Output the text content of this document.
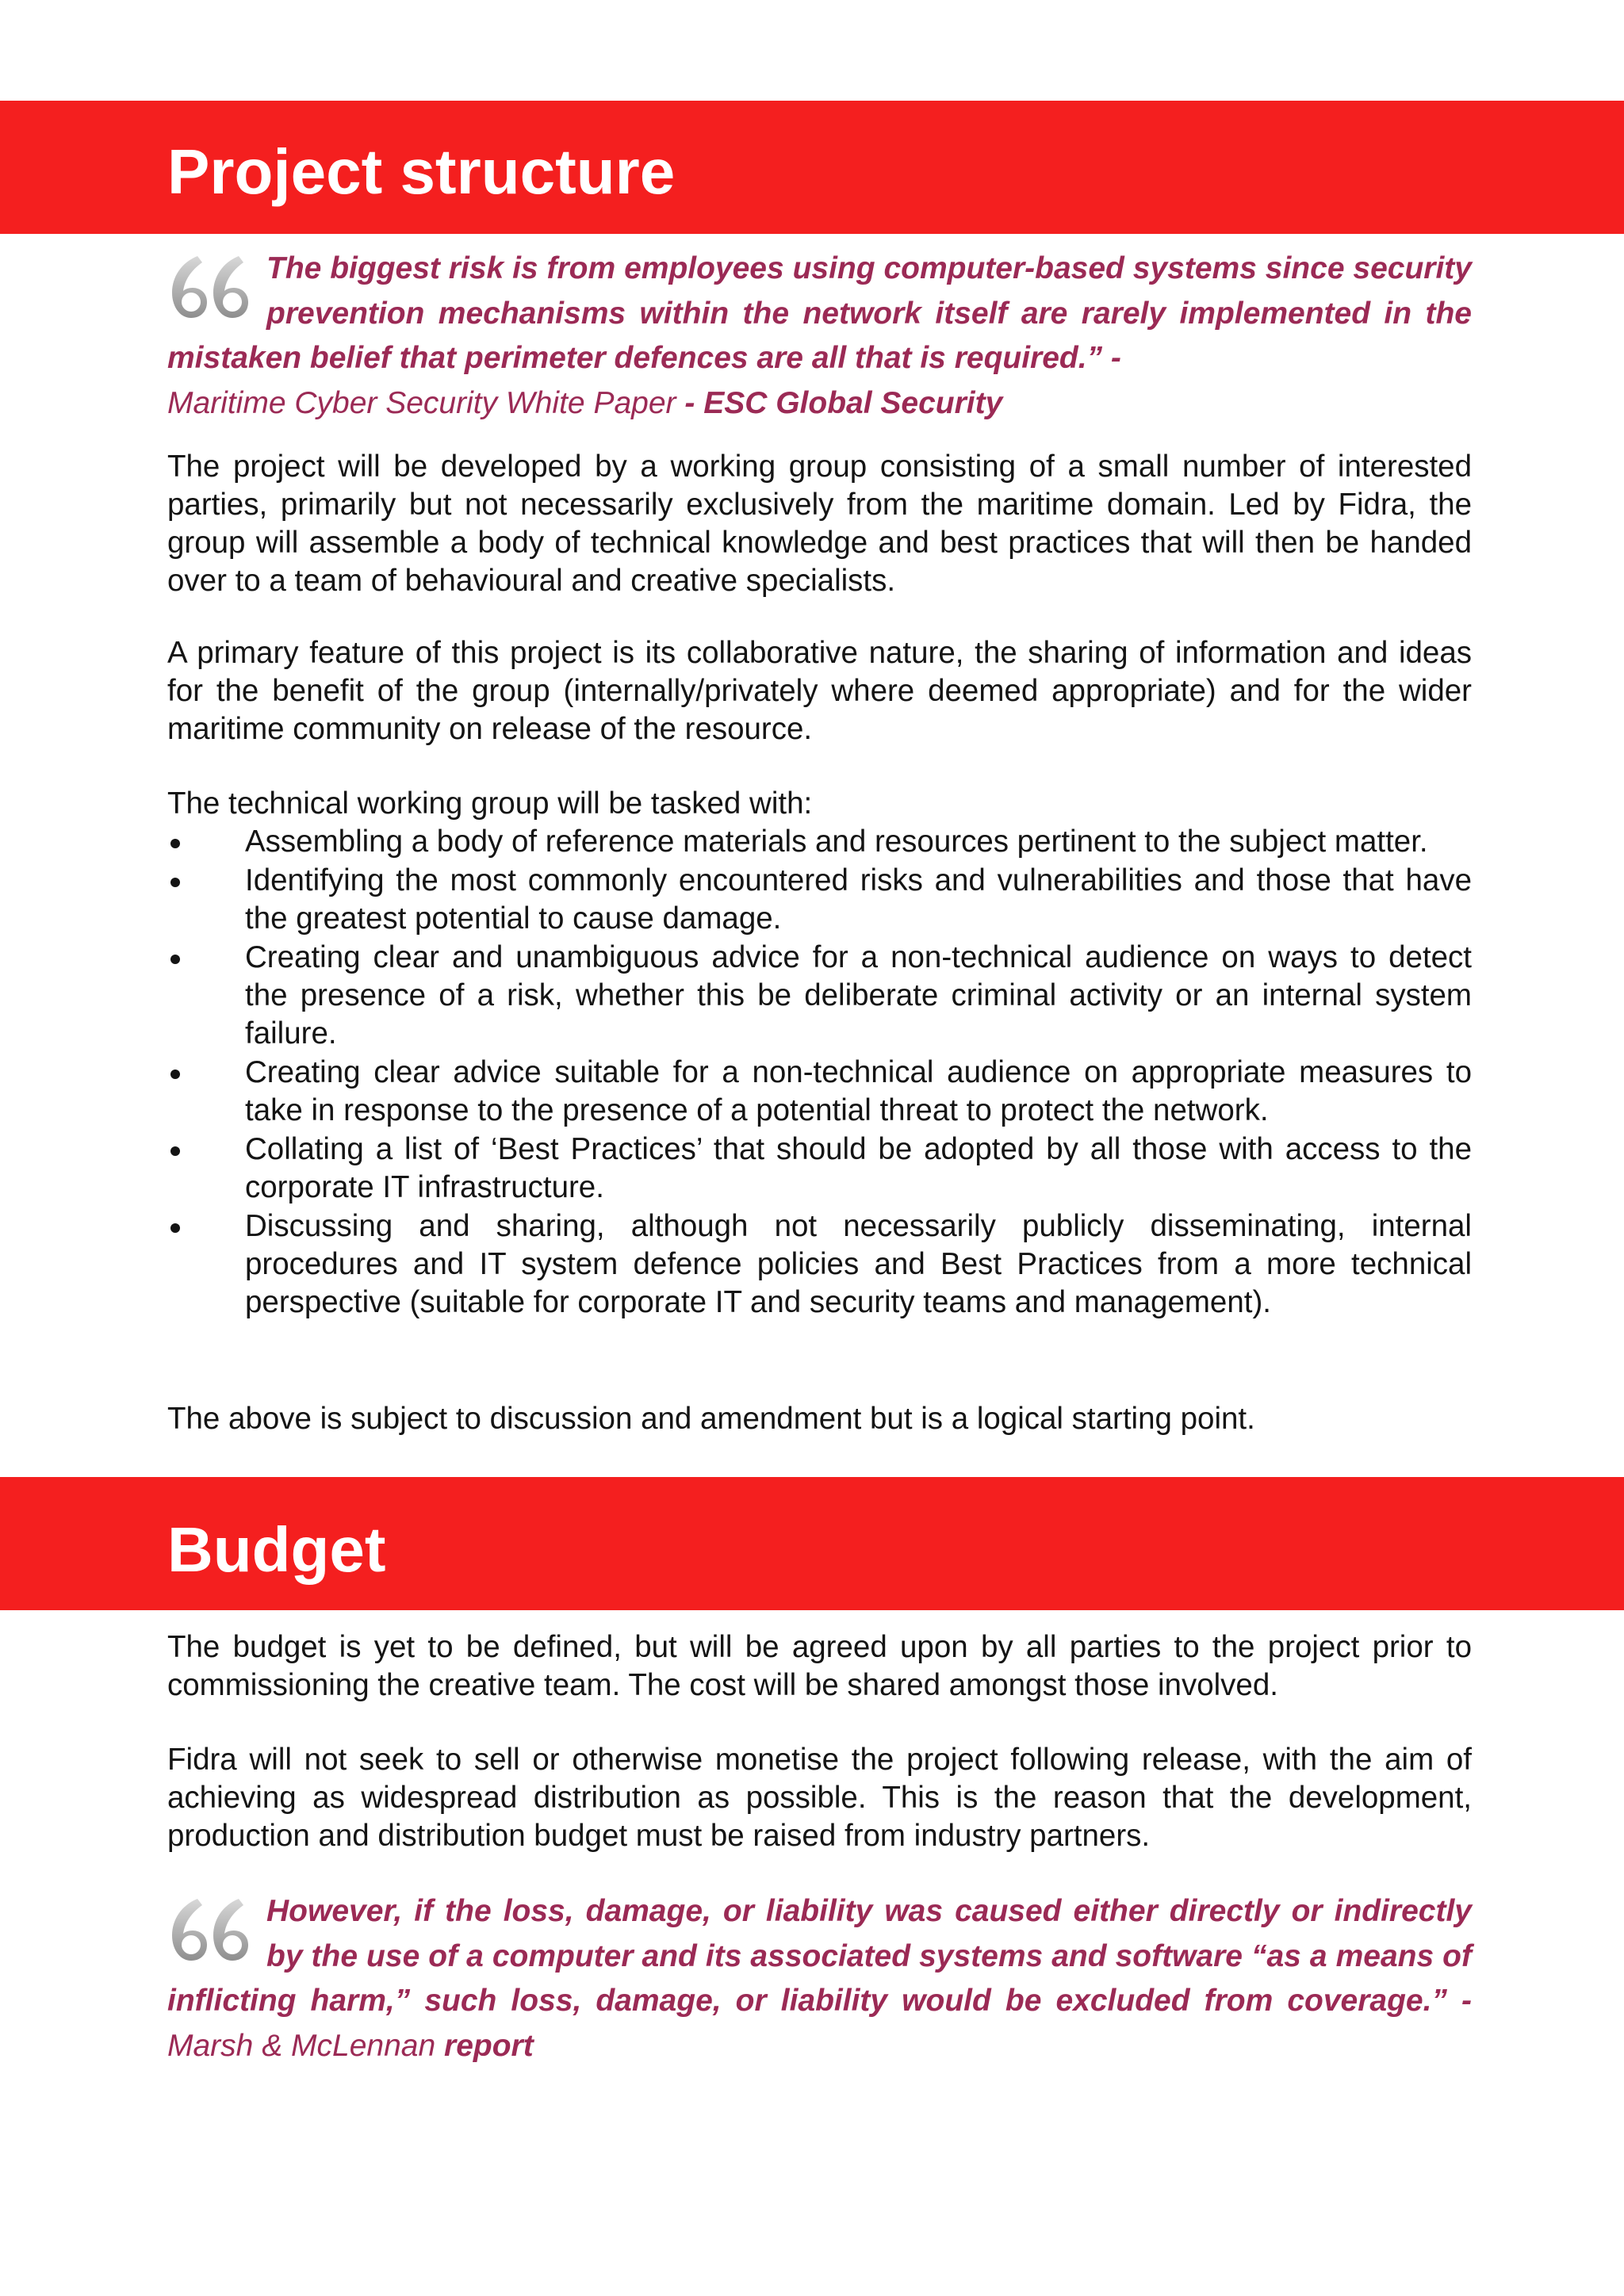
Project structure
The biggest risk is from employees using computer-based systems since security prevention mechanisms within the network itself are rarely implemented in the mistaken belief that perimeter defences are all that is required.” -
Maritime Cyber Security White Paper - ESC Global Security

The project will be developed by a working group consisting of a small number of interested parties, primarily but not necessarily exclusively from the maritime domain. Led by Fidra, the group will assemble a body of technical knowledge and best practices that will then be handed over to a team of behavioural and creative specialists.

A primary feature of this project is its collaborative nature, the sharing of information and ideas for the benefit of the group (internally/privately where deemed appropriate) and for the wider maritime community on release of the resource.

The technical working group will be tasked with:

Assembling a body of reference materials and resources pertinent to the subject matter.
Identifying the most commonly encountered risks and vulnerabilities and those that have the greatest potential to cause damage.
Creating clear and unambiguous advice for a non-technical audience on ways to detect the presence of a risk, whether this be deliberate criminal activity or an internal system failure.
Creating clear advice suitable for a non-technical audience on appropriate measures to take in response to the presence of a potential threat to protect the network.
Collating a list of ‘Best Practices’ that should be adopted by all those with access to the corporate IT infrastructure.
Discussing and sharing, although not necessarily publicly disseminating, internal procedures and IT system defence policies and Best Practices from a more technical perspective (suitable for corporate IT and security teams and management).

The above is subject to discussion and amendment but is a logical starting point.

Budget

The budget is yet to be defined, but will be agreed upon by all parties to the project prior to commissioning the creative team. The cost will be shared amongst those involved.

Fidra will not seek to sell or otherwise monetise the project following release, with the aim of achieving as widespread distribution as possible. This is the reason that the development, production and distribution budget must be raised from industry partners.

However, if the loss, damage, or liability was caused either directly or indirectly by the use of a computer and its associated systems and software “as a means of inflicting harm,” such loss, damage, or liability would be excluded from coverage.” - Marsh & McLennan report
